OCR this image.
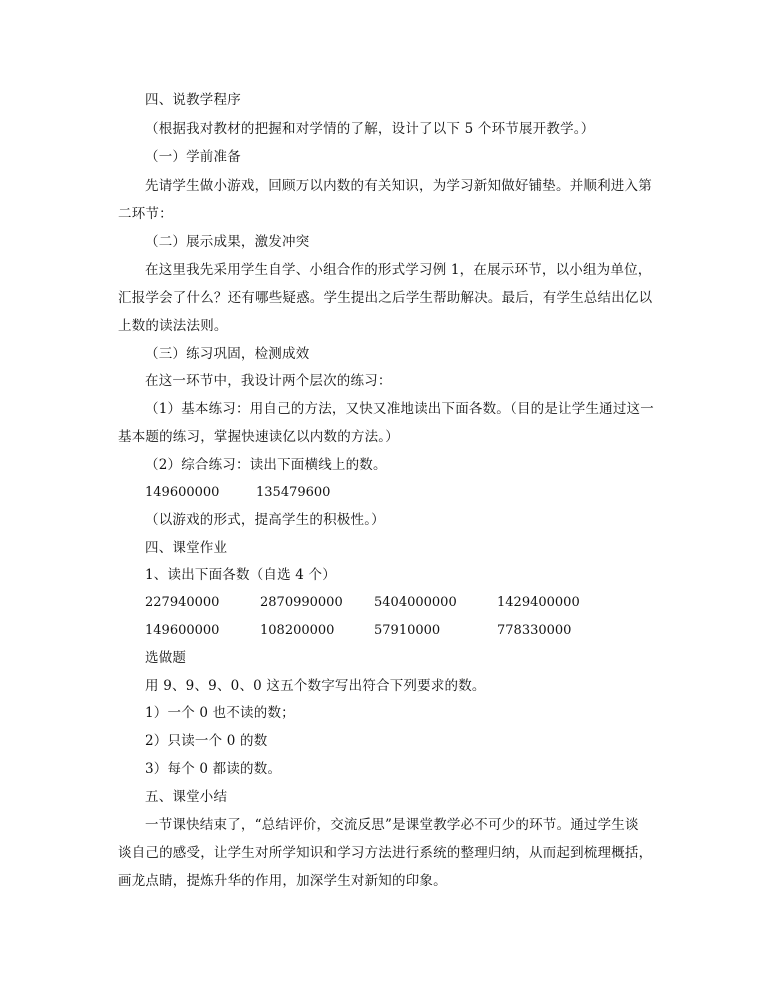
四、说教学程序
（根据我对教材的把握和对学情的了解，设计了以下 5 个环节展开教学。）
（一）学前准备
先请学生做小游戏，回顾万以内数的有关知识，为学习新知做好铺垫。并顺利进入第
二环节：
（二）展示成果，激发冲突
在这里我先采用学生自学、小组合作的形式学习例 1，在展示环节，以小组为单位，
汇报学会了什么？还有哪些疑惑。学生提出之后学生帮助解决。最后，有学生总结出亿以
上数的读法法则。
（三）练习巩固，检测成效
在这一环节中，我设计两个层次的练习：
（1）基本练习：用自己的方法，又快又准地读出下面各数。（目的是让学生通过这一
基本题的练习，掌握快速读亿以内数的方法。）
（2）综合练习：读出下面横线上的数。
149600000	135479600
（以游戏的形式，提高学生的积极性。）
四、课堂作业
1、读出下面各数（自选 4 个）
227940000	2870990000 5404000000	1429400000
149600000	108200000	57910000	778330000
选做题
用 9、9、9、0、0 这五个数字写出符合下列要求的数。
1）一个 0 也不读的数；
2）只读一个 0 的数
3）每个 0 都读的数。
五、课堂小结
一节课快结束了，“总结评价，交流反思”是课堂教学必不可少的环节。通过学生谈
谈自己的感受，让学生对所学知识和学习方法进行系统的整理归纳，从而起到梳理概括，
画龙点睛，提炼升华的作用，加深学生对新知的印象。
